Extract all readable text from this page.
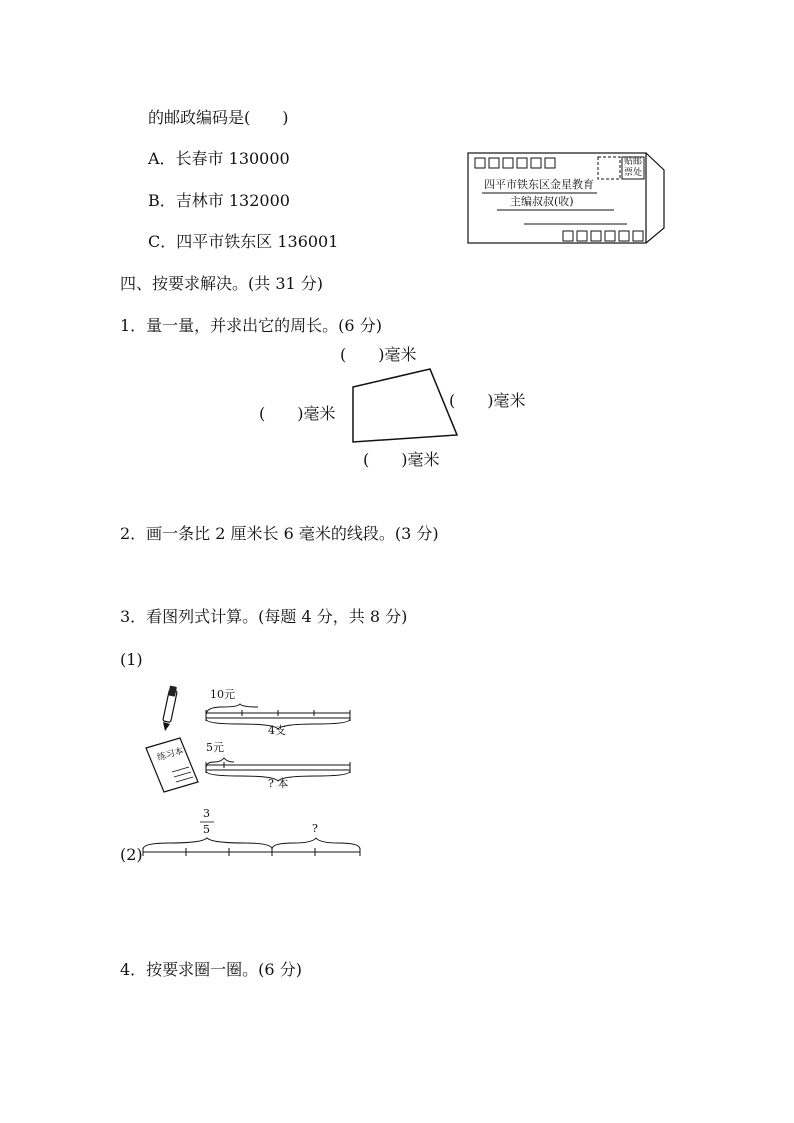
的邮政编码是(　　)
A．长春市 130000
B．吉林市 132000
C．四平市铁东区 136001
贴邮
票处
四平市铁东区金星教育
主编叔叔(收)
四、按要求解决。(共 31 分)
1．量一量，并求出它的周长。(6 分)
(　　)毫米
(　　)毫米
(　　)毫米
(　　)毫米
2．画一条比 2 厘米长 6 毫米的线段。(3 分)
3．看图列式计算。(每题 4 分，共 8 分)
(1)
10元
4支
练习本 5元
? 本
(2)
3
5	?
4．按要求圈一圈。(6 分)
